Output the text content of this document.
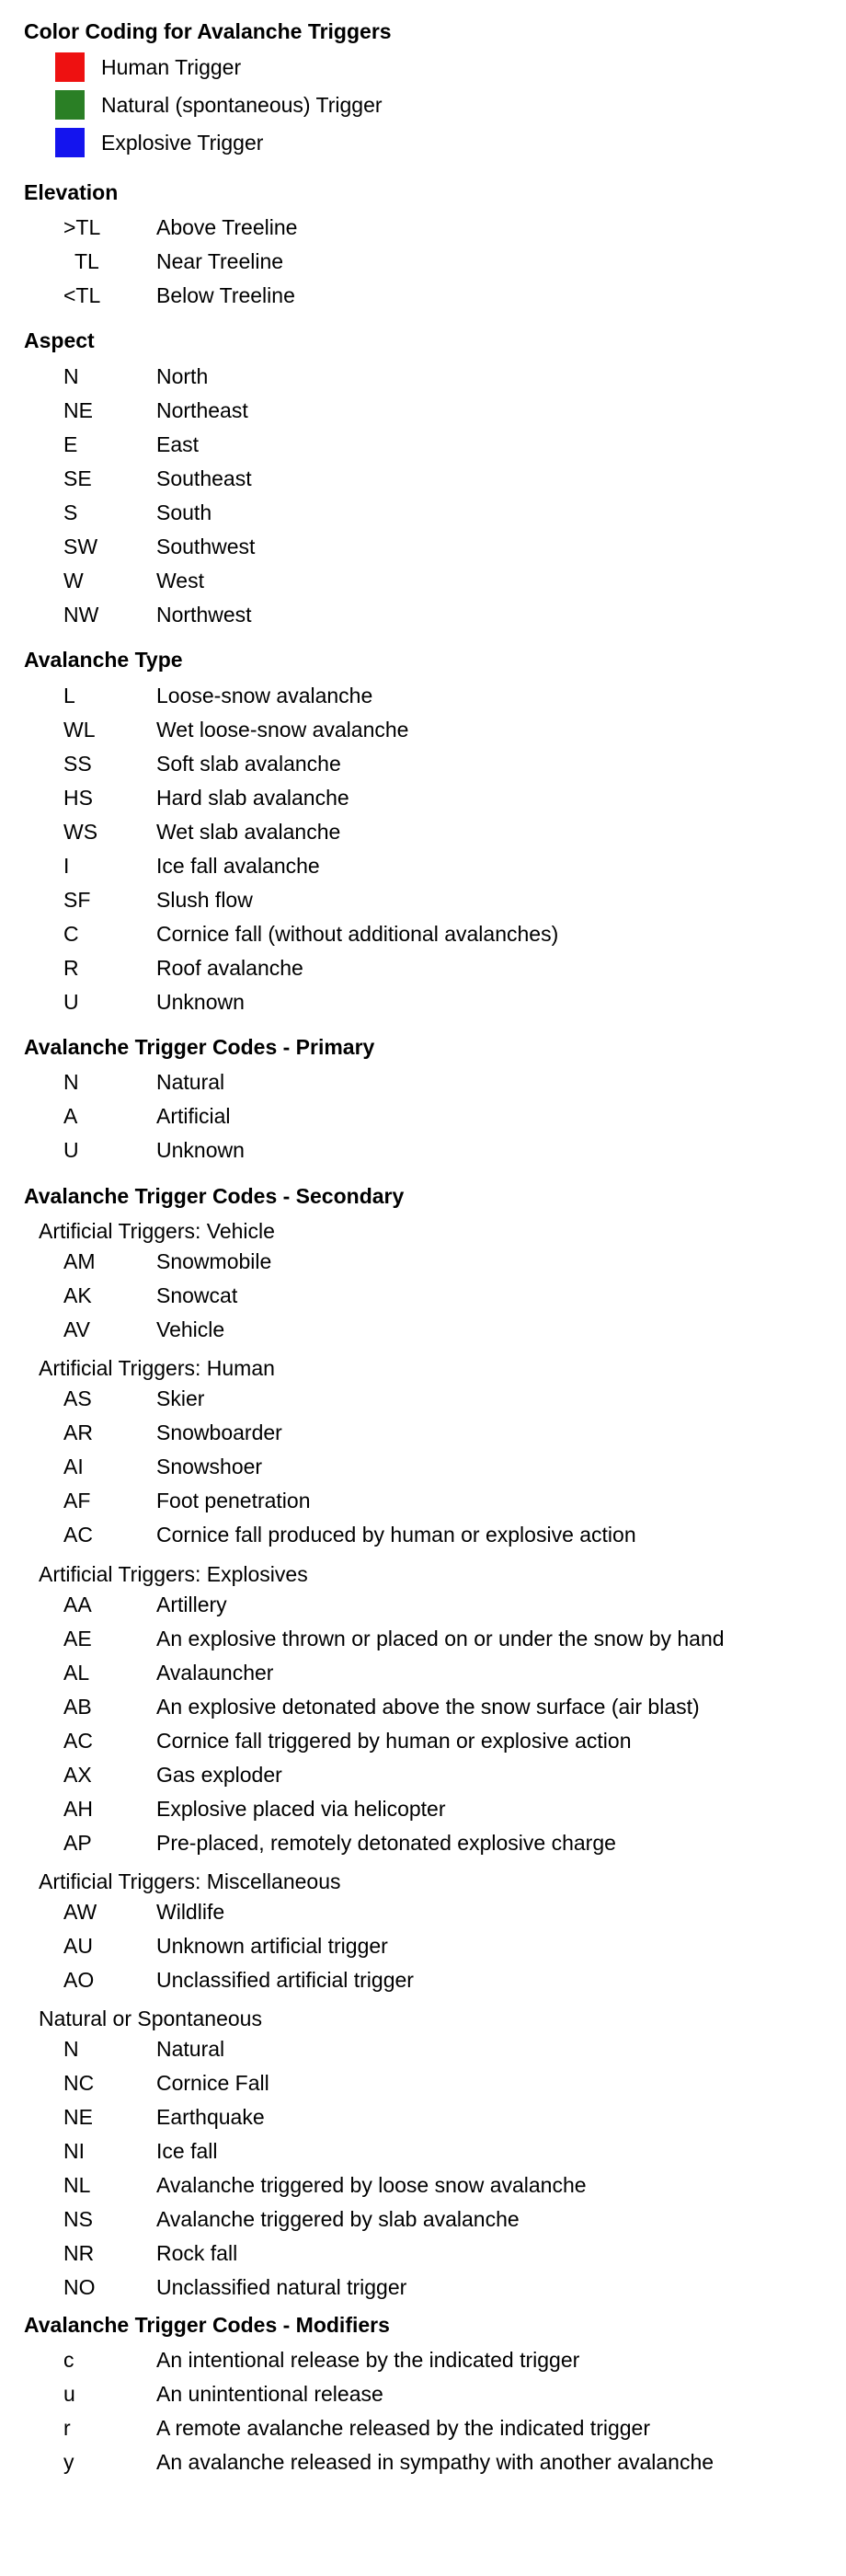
Color Coding for Avalanche Triggers
Human Trigger
Natural (spontaneous) Trigger
Explosive Trigger
Elevation
>TL	Above Treeline
TL	Near Treeline
<TL	Below Treeline
Aspect
N	North
NE	Northeast
E	East
SE	Southeast
S	South
SW	Southwest
W	West
NW	Northwest
Avalanche Type
L	Loose-snow avalanche
WL	Wet loose-snow avalanche
SS	Soft slab avalanche
HS	Hard slab avalanche
WS	Wet slab avalanche
I	Ice fall avalanche
SF	Slush flow
C	Cornice fall (without additional avalanches)
R	Roof avalanche
U	Unknown
Avalanche Trigger Codes - Primary
N	Natural
A	Artificial
U	Unknown
Avalanche Trigger Codes - Secondary
Artificial Triggers: Vehicle
AM	Snowmobile
AK	Snowcat
AV	Vehicle
Artificial Triggers: Human
AS	Skier
AR	Snowboarder
AI	Snowshoer
AF	Foot penetration
AC	Cornice fall produced by human or explosive action
Artificial Triggers: Explosives
AA	Artillery
AE	An explosive thrown or placed on or under the snow by hand
AL	Avalauncher
AB	An explosive detonated above the snow surface (air blast)
AC	Cornice fall triggered by human or explosive action
AX	Gas exploder
AH	Explosive placed via helicopter
AP	Pre-placed, remotely detonated explosive charge
Artificial Triggers: Miscellaneous
AW	Wildlife
AU	Unknown artificial trigger
AO	Unclassified artificial trigger
Natural or Spontaneous
N	Natural
NC	Cornice Fall
NE	Earthquake
NI	Ice fall
NL	Avalanche triggered by loose snow avalanche
NS	Avalanche triggered by slab avalanche
NR	Rock fall
NO	Unclassified natural trigger
Avalanche Trigger Codes - Modifiers
c	An intentional release by the indicated trigger
u	An unintentional release
r	A remote avalanche released by the indicated trigger
y	An avalanche released in sympathy with another avalanche
